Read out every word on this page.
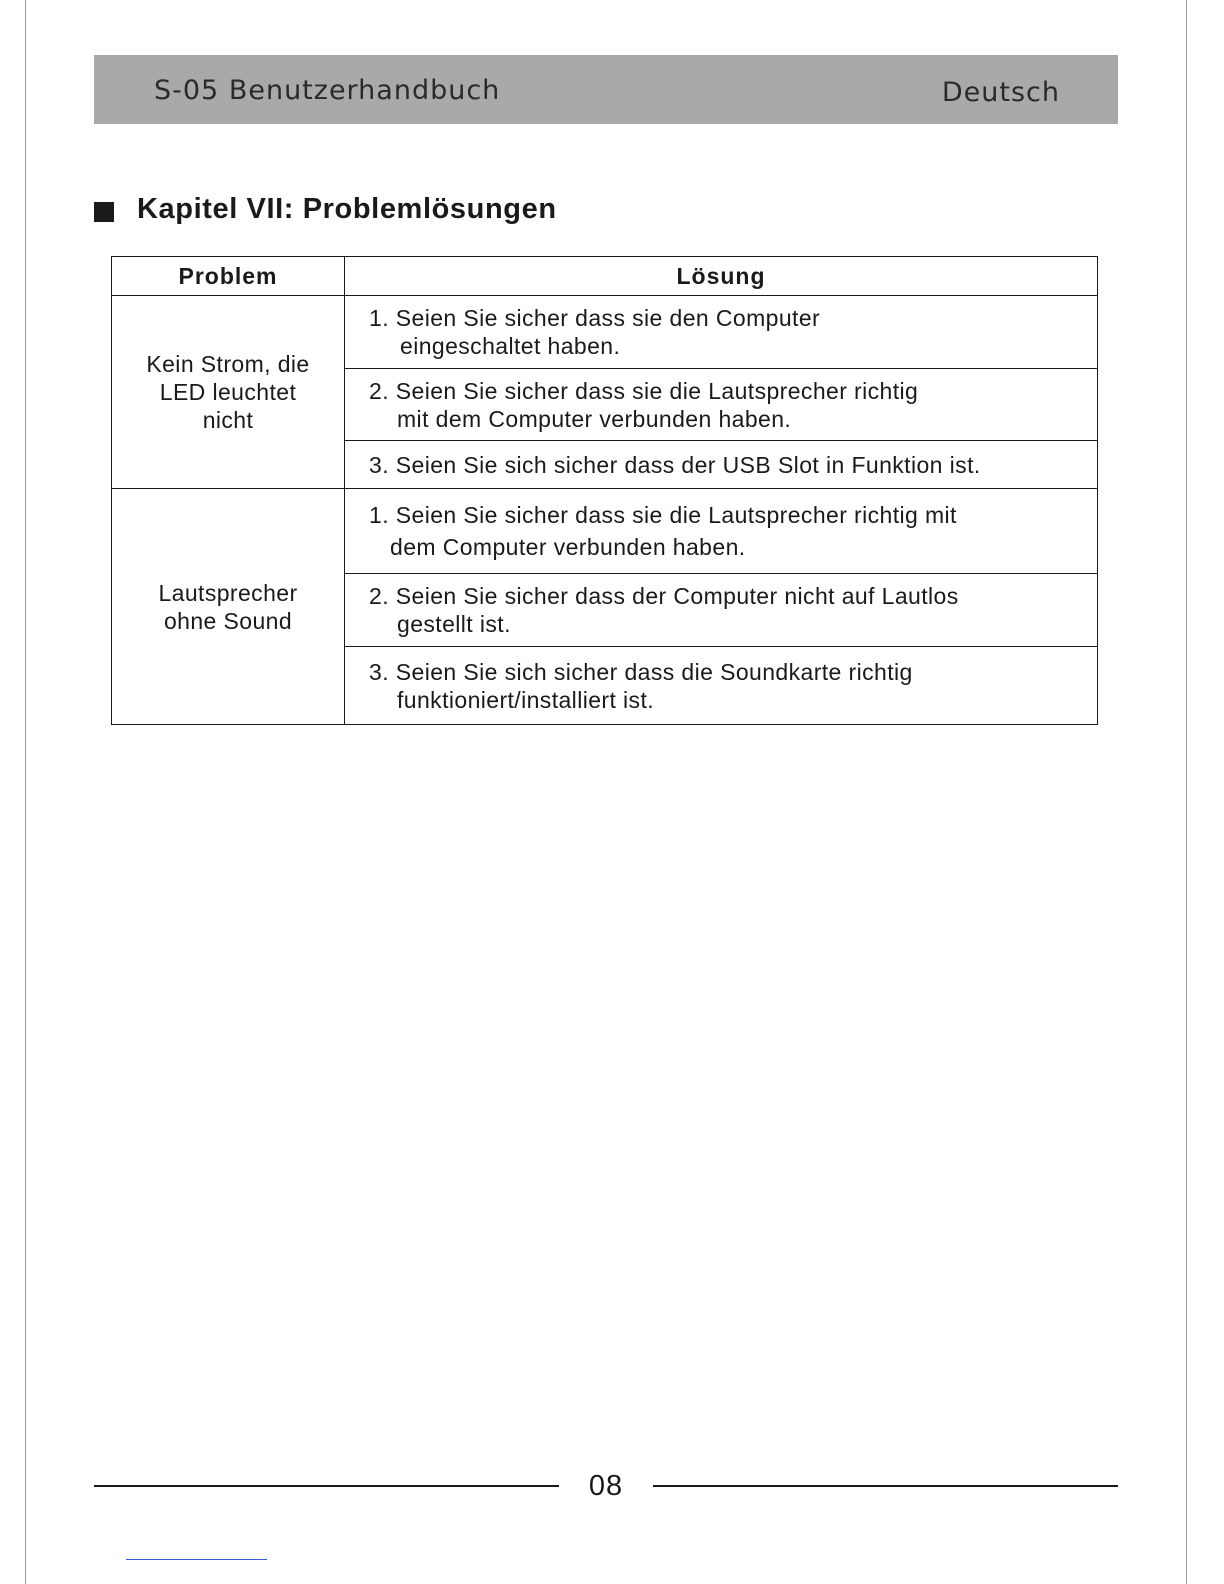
S-05 Benutzerhandbuch	Deutsch
Kapitel VII: Problemlösungen
Problem	Lösung

Kein Strom, die
LED leuchtet
nicht	1. Seien Sie sicher dass sie den Computer
eingeschaltet haben.

	2. Seien Sie sicher dass sie die Lautsprecher richtig
mit dem Computer verbunden haben.

	3. Seien Sie sich sicher dass der USB Slot in Funktion ist.

Lautsprecher
ohne Sound	1. Seien Sie sicher dass sie die Lautsprecher richtig mit
dem Computer verbunden haben.

	2. Seien Sie sicher dass der Computer nicht auf Lautlos
gestellt ist.

	3. Seien Sie sich sicher dass die Soundkarte richtig
funktioniert/installiert ist.
08
